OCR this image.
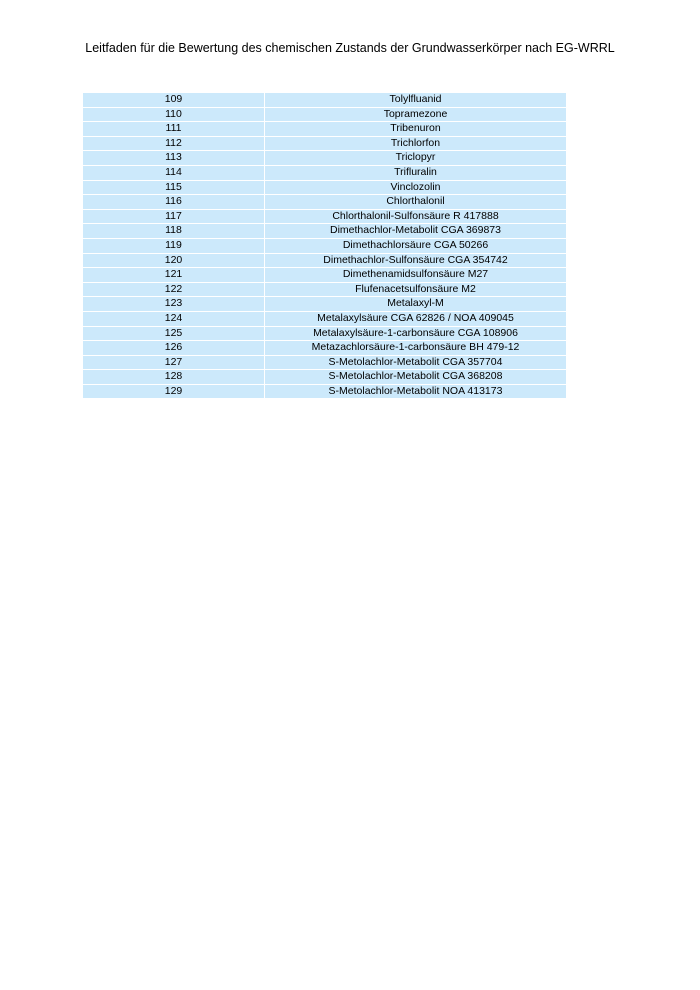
Leitfaden für die Bewertung des chemischen Zustands der Grundwasserkörper nach EG-WRRL
109	Tolylfluanid
110	Topramezone
111	Tribenuron
112	Trichlorfon
113	Triclopyr
114	Trifluralin
115	Vinclozolin
116	Chlorthalonil
117	Chlorthalonil-Sulfonsäure R 417888
118	Dimethachlor-Metabolit CGA 369873
119	Dimethachlorsäure CGA 50266
120	Dimethachlor-Sulfonsäure CGA 354742
121	Dimethenamidsulfonsäure M27
122	Flufenacetsulfonsäure M2
123	Metalaxyl-M
124	Metalaxylsäure CGA 62826 / NOA 409045
125	Metalaxylsäure-1-carbonsäure CGA 108906
126	Metazachlorsäure-1-carbonsäure BH 479-12
127	S-Metolachlor-Metabolit CGA 357704
128	S-Metolachlor-Metabolit CGA 368208
129	S-Metolachlor-Metabolit NOA 413173
